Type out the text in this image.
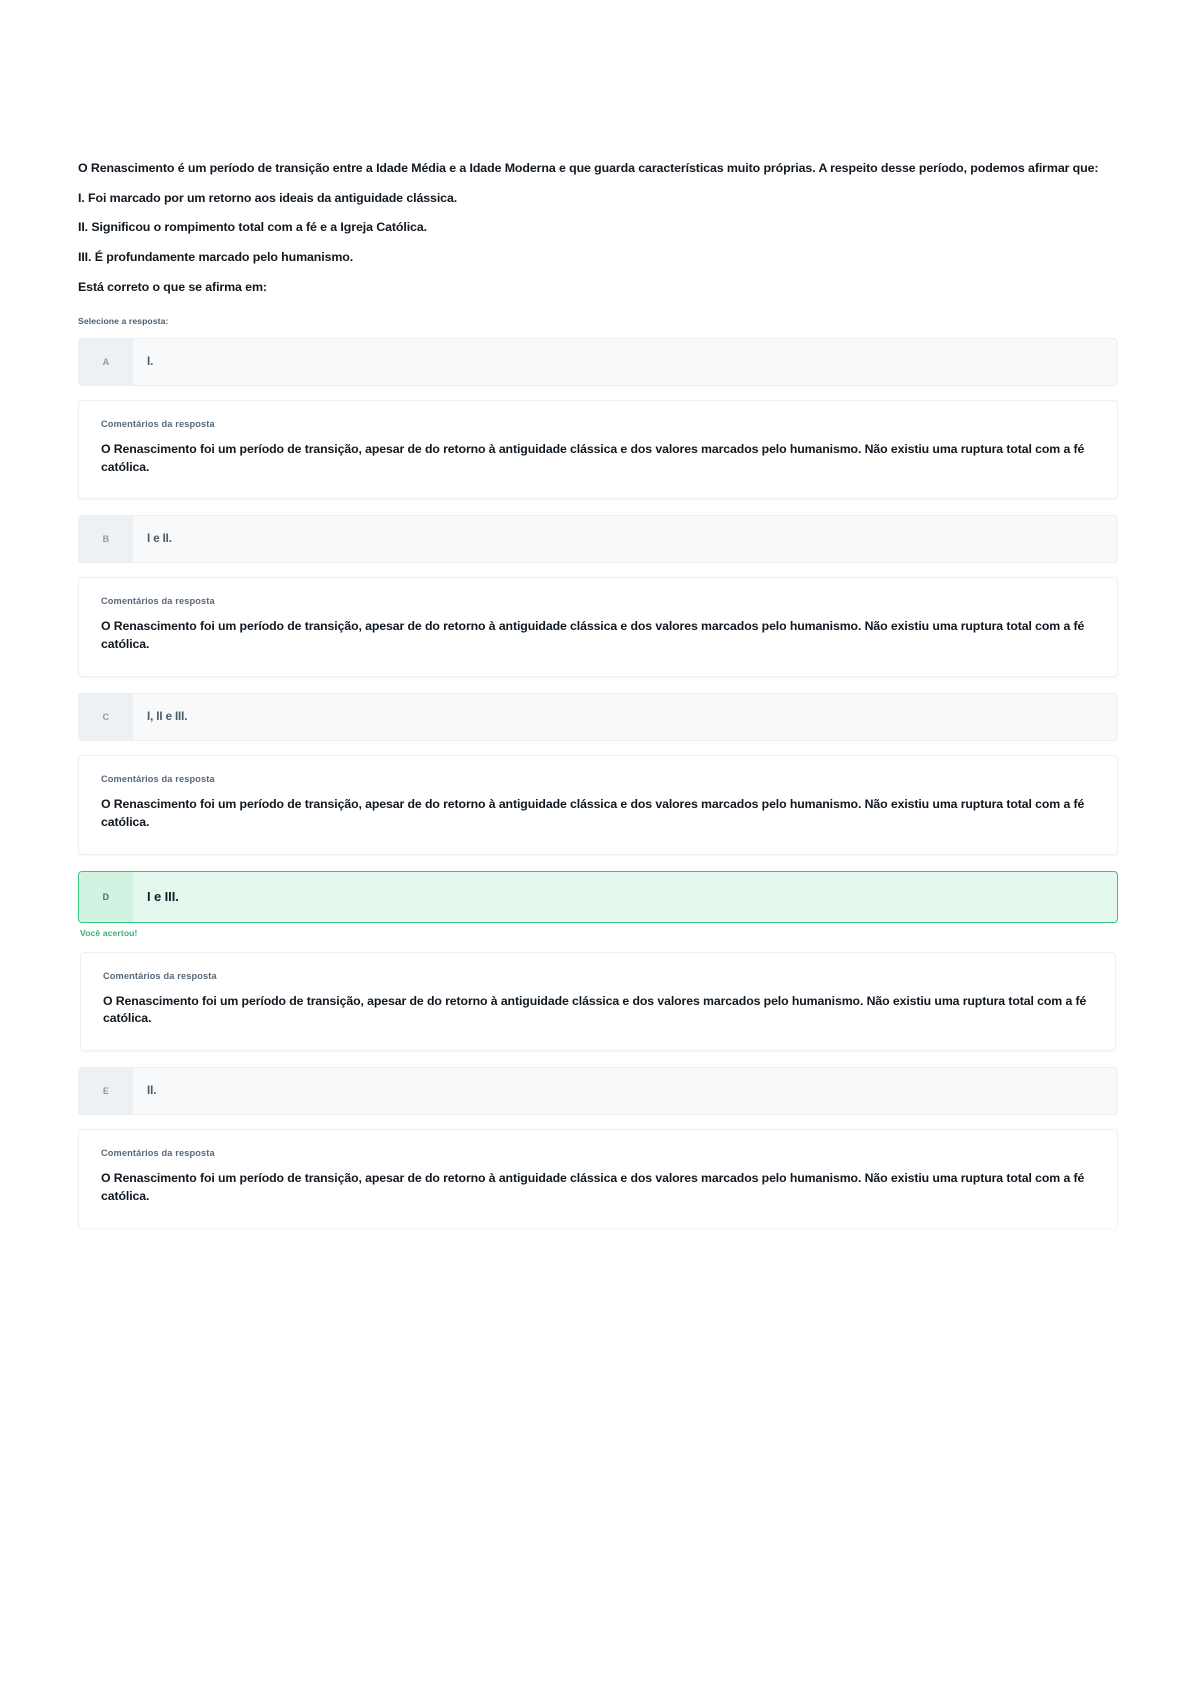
O Renascimento é um período de transição entre a Idade Média e a Idade Moderna e que guarda características muito próprias. A respeito desse período, podemos afirmar que:

I. Foi marcado por um retorno aos ideais da antiguidade clássica.

II. Significou o rompimento total com a fé e a Igreja Católica.

III. É profundamente marcado pelo humanismo.

Está correto o que se afirma em:

Selecione a resposta:
A	I.
Comentários da resposta
O Renascimento foi um período de transição, apesar de do retorno à antiguidade clássica e dos valores marcados pelo humanismo. Não existiu uma ruptura total com a fé católica.
B	I e II.
Comentários da resposta
O Renascimento foi um período de transição, apesar de do retorno à antiguidade clássica e dos valores marcados pelo humanismo. Não existiu uma ruptura total com a fé católica.
C	I, II e III.
Comentários da resposta
O Renascimento foi um período de transição, apesar de do retorno à antiguidade clássica e dos valores marcados pelo humanismo. Não existiu uma ruptura total com a fé católica.
D	I e III.
Você acertou!
Comentários da resposta
O Renascimento foi um período de transição, apesar de do retorno à antiguidade clássica e dos valores marcados pelo humanismo. Não existiu uma ruptura total com a fé católica.
E	II.
Comentários da resposta
O Renascimento foi um período de transição, apesar de do retorno à antiguidade clássica e dos valores marcados pelo humanismo. Não existiu uma ruptura total com a fé católica.
